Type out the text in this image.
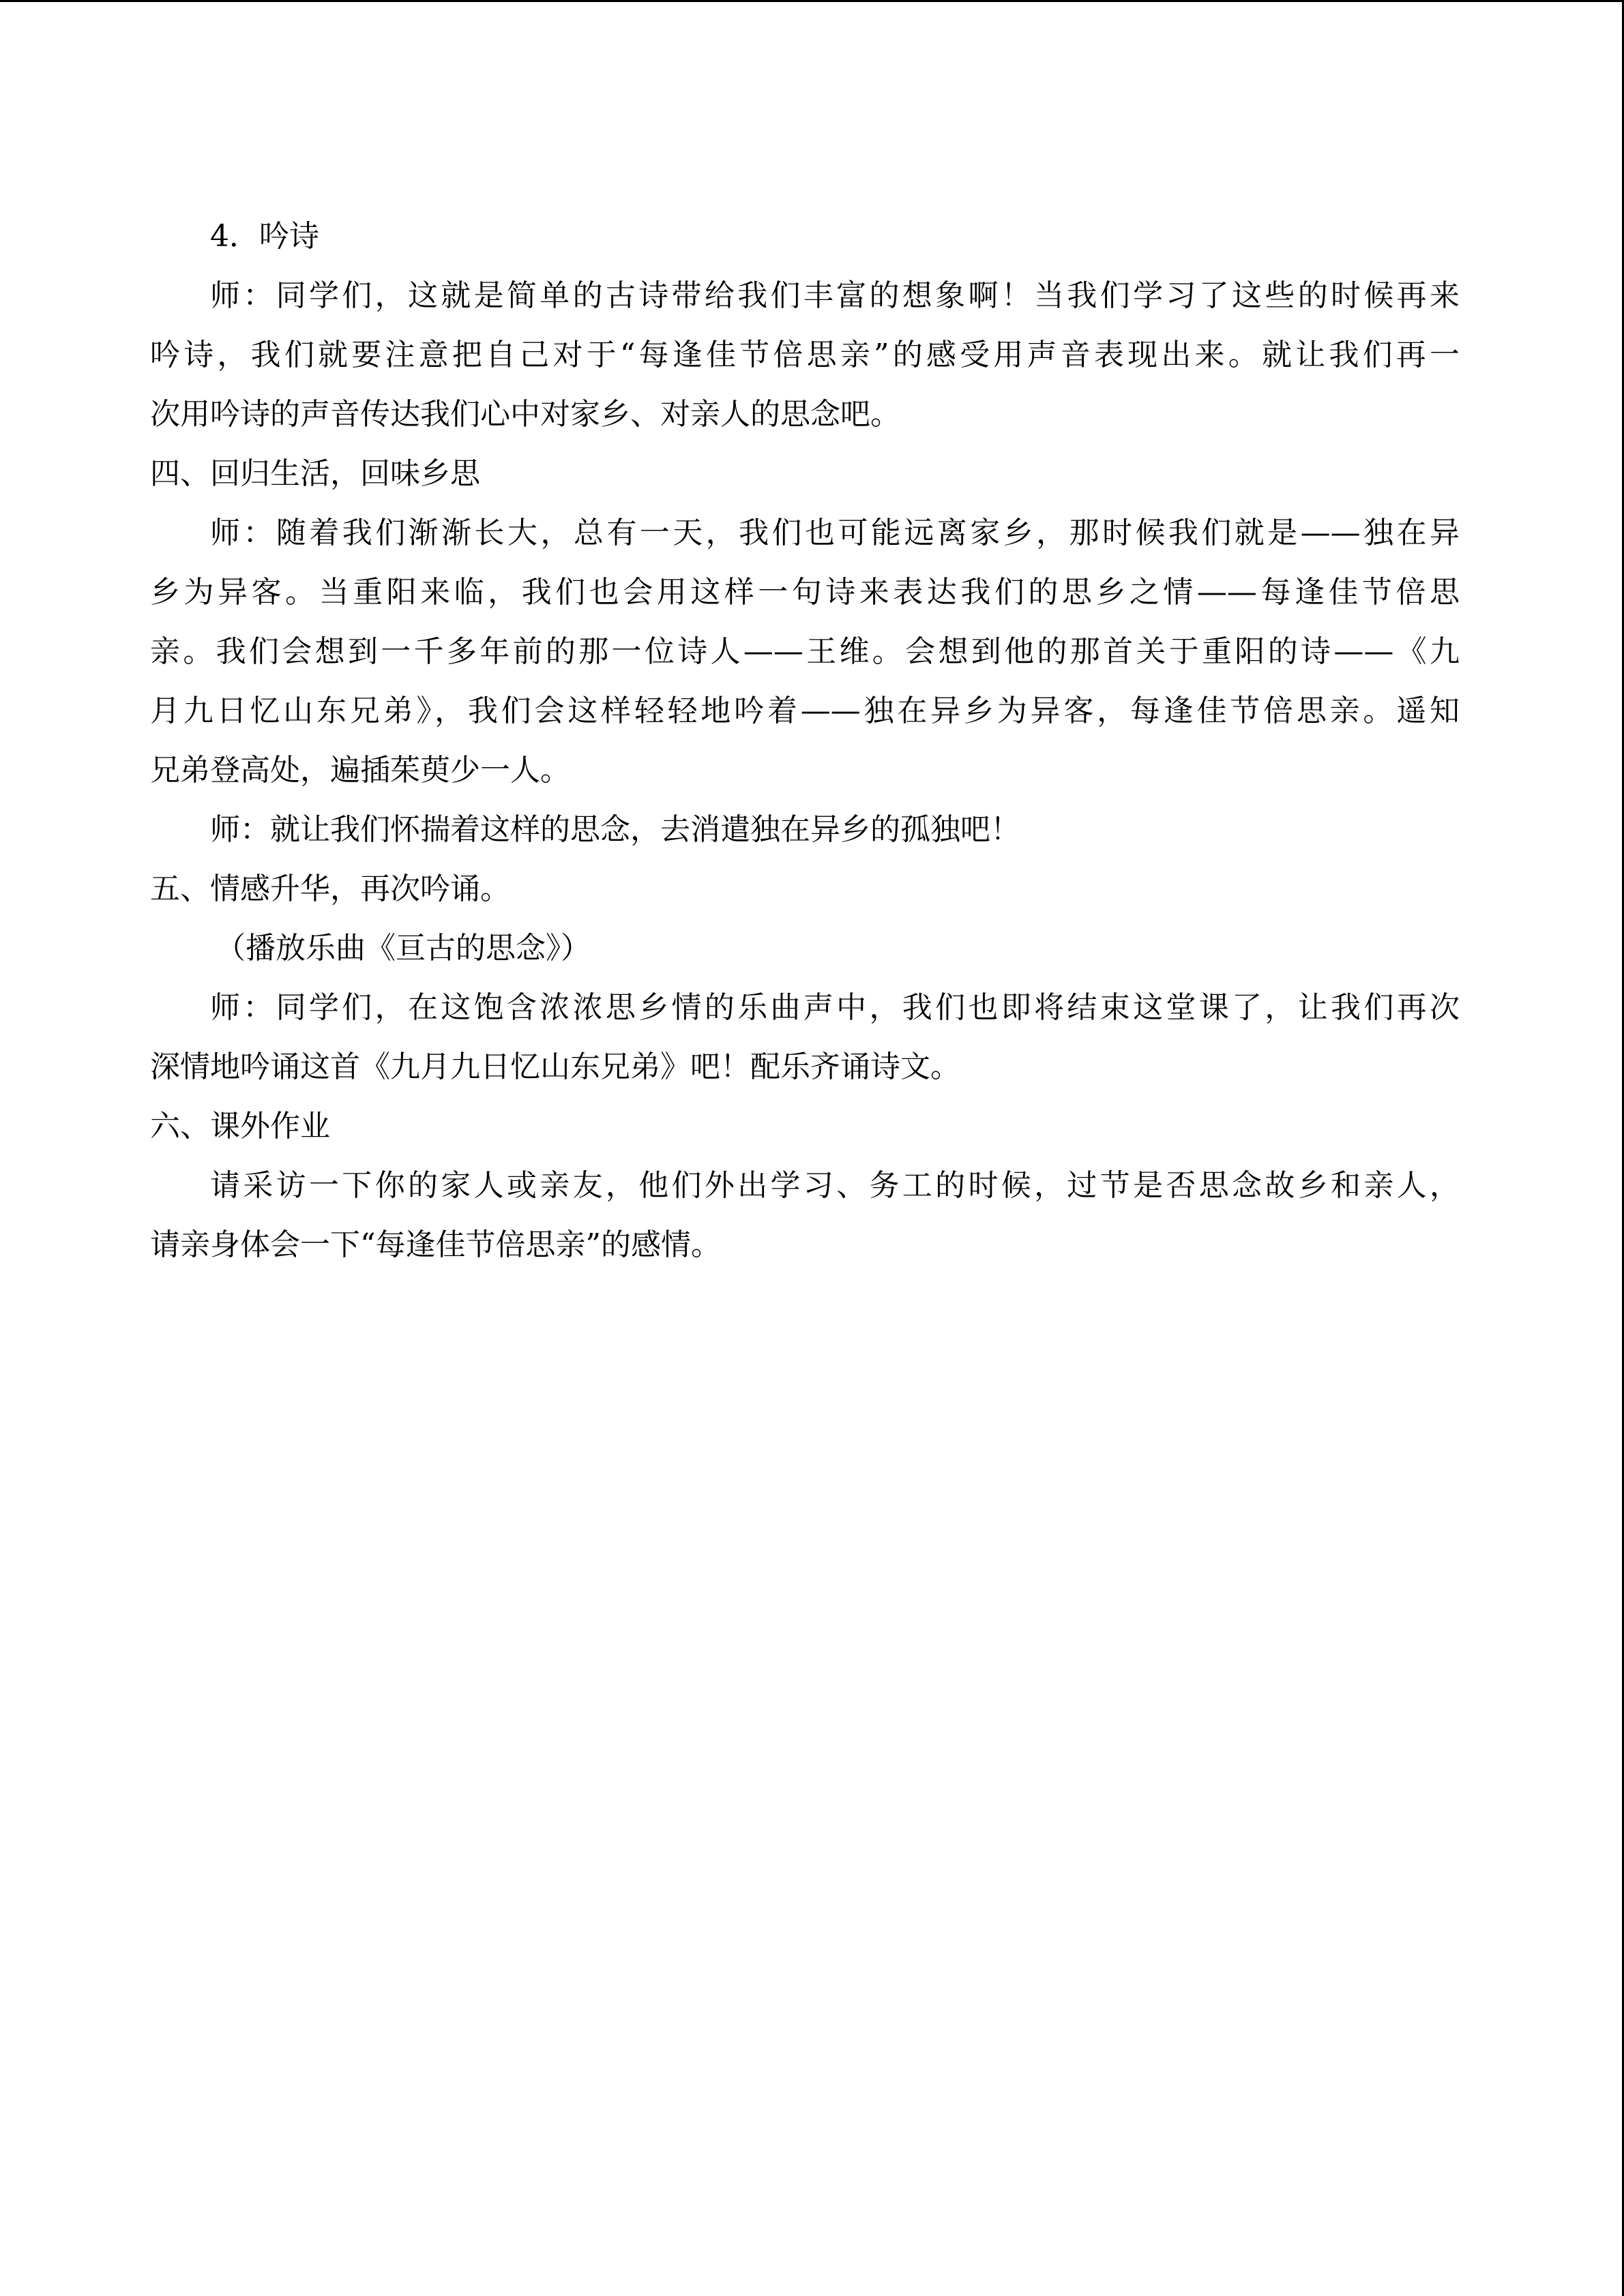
4．吟诗
师：同学们，这就是简单的古诗带给我们丰富的想象啊！当我们学习了这些的时候再来
吟诗，我们就要注意把自己对于“每逢佳节倍思亲”的感受用声音表现出来。就让我们再一
次用吟诗的声音传达我们心中对家乡、对亲人的思念吧。
四、回归生活，回味乡思
师：随着我们渐渐长大，总有一天，我们也可能远离家乡，那时候我们就是——独在异
乡为异客。当重阳来临，我们也会用这样一句诗来表达我们的思乡之情——每逢佳节倍思
亲。我们会想到一千多年前的那一位诗人——王维。会想到他的那首关于重阳的诗——《九
月九日忆山东兄弟》，我们会这样轻轻地吟着——独在异乡为异客，每逢佳节倍思亲。遥知
兄弟登高处，遍插茱萸少一人。
师：就让我们怀揣着这样的思念，去消遣独在异乡的孤独吧！
五、情感升华，再次吟诵。
（播放乐曲《亘古的思念》）
师：同学们，在这饱含浓浓思乡情的乐曲声中，我们也即将结束这堂课了，让我们再次
深情地吟诵这首《九月九日忆山东兄弟》吧！配乐齐诵诗文。
六、课外作业
请采访一下你的家人或亲友，他们外出学习、务工的时候，过节是否思念故乡和亲人，
请亲身体会一下“每逢佳节倍思亲”的感情。
